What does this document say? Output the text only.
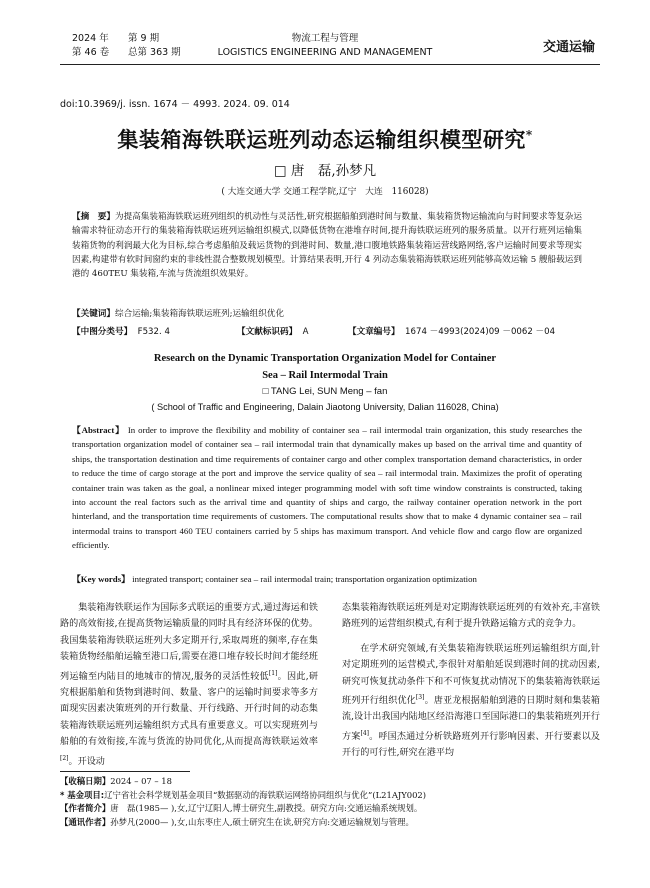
2024 年 第 9 期
第 46 卷 总第 363 期
物流工程与管理
LOGISTICS ENGINEERING AND MANAGEMENT	交通运输
doi:10.3969/j. issn. 1674 － 4993. 2024. 09. 014
集装箱海铁联运班列动态运输组织模型研究*
□ 唐　磊,孙梦凡
( 大连交通大学 交通工程学院,辽宁　大连　116028)
【摘　要】为提高集装箱海铁联运班列组织的机动性与灵活性,研究根据船舶到港时间与数量、集装箱货物运输流向与时间要求等复杂运输需求特征动态开行的集装箱海铁联运班列运输组织模式,以降低货物在港堆存时间,提升海铁联运班列的服务质量。以开行班列运输集装箱货物的利润最大化为目标,综合考虑船舶及载运货物的到港时间、数量,港口腹地铁路集装箱运营线路网络,客户运输时间要求等现实因素,构建带有软时间窗约束的非线性混合整数规划模型。计算结果表明,开行 4 列动态集装箱海铁联运班列能够高效运输 5 艘船载运到港的 460TEU 集装箱,车流与货流组织效果好。
【关键词】综合运输;集装箱海铁联运班列;运输组织优化
【中图分类号】 F532. 4	【文献标识码】 A	【文章编号】 1674 －4993(2024)09 －0062 －04
Research on the Dynamic Transportation Organization Model for Container
Sea – Rail Intermodal Train
□ TANG Lei, SUN Meng – fan
( School of Traffic and Engineering, Dalain Jiaotong University, Dalian 116028, China)
【Abstract】 In order to improve the flexibility and mobility of container sea – rail intermodal train organization, this study researches the transportation organization model of container sea – rail intermodal train that dynamically makes up based on the arrival time and quantity of ships, the transportation destination and time requirements of container cargo and other complex transportation demand characteristics, in order to reduce the time of cargo storage at the port and improve the service quality of sea – rail intermodal train. Maximizes the profit of operating container train was taken as the goal, a nonlinear mixed integer programming model with soft time window constraints is constructed, taking into account the real factors such as the arrival time and quantity of ships and cargo, the railway container operation network in the port hinterland, and the transportation time requirements of customers. The computational results show that to make 4 dynamic container sea – rail intermodal trains to transport 460 TEU containers carried by 5 ships has maximum transport. And vehicle flow and cargo flow are organized efficiently.
【Key words】 integrated transport; container sea – rail intermodal train; transportation organization optimization

集装箱海铁联运作为国际多式联运的重要方式,通过海运和铁路的高效衔接,在提高货物运输质量的同时具有经济环保的优势。我国集装箱海铁联运班列大多定期开行,采取周班的频率,存在集装箱货物经船舶运输至港口后,需要在港口堆存较长时间才能经班列运输至内陆目的地城市的情况,服务的灵活性较低[1]。因此,研究根据船舶和货物到港时间、数量、客户的运输时间要求等多方面现实因素决策班列的开行数量、开行线路、开行时间的动态集装箱海铁联运班列运输组织方式具有重要意义。可以实现班列与船舶的有效衔接,车流与货流的协同优化,从而提高海铁联运效率[2]。开设动

态集装箱海铁联运班列是对定期海铁联运班列的有效补充,丰富铁路班列的运营组织模式,有利于提升铁路运输方式的竞争力。

在学术研究领域,有关集装箱海铁联运班列运输组织方面,针对定期班列的运营模式,李很针对船舶延误到港时间的扰动因素,研究可恢复扰动条件下和不可恢复扰动情况下的集装箱海铁联运班列开行组织优化[3]。唐亚龙根据船舶到港的日期时刻和集装箱流,设计出我国内陆地区经沿海港口至国际港口的集装箱班列开行方案[4]。呼国杰通过分析铁路班列开行影响因素、开行要素以及开行的可行性,研究在港平均

【收稿日期】2024 – 07 – 18
* 基金项目:辽宁省社会科学规划基金项目“数据驱动的海铁联运网络协同组织与优化”(L21AJY002)
【作者简介】唐　磊(1985— ),女,辽宁辽阳人,博士研究生,副教授。研究方向:交通运输系统规划。
【通讯作者】孙梦凡(2000— ),女,山东枣庄人,硕士研究生在读,研究方向:交通运输规划与管理。
